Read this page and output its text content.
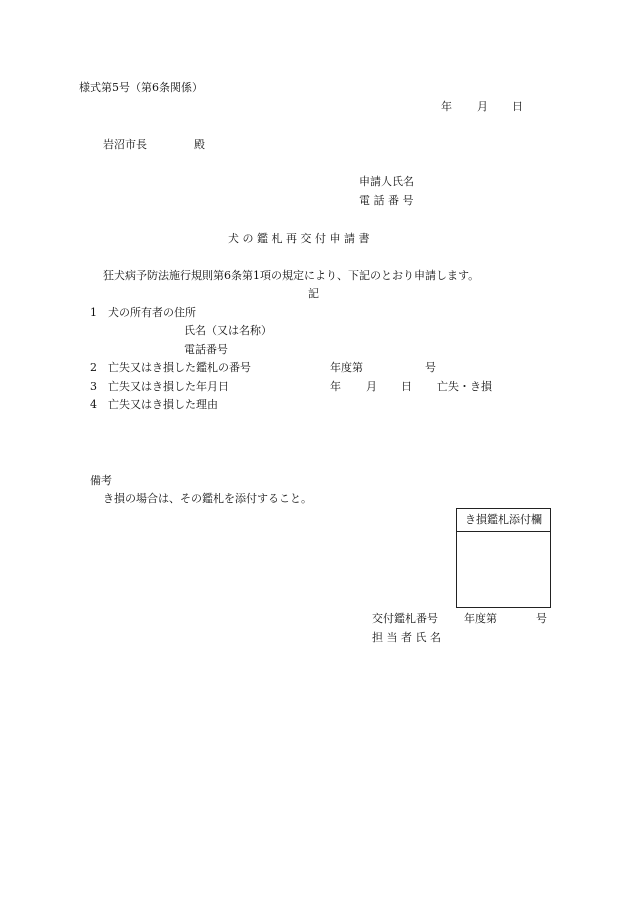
様式第5号（第6条関係）
年 月 日
岩沼市長	殿
申請人氏名
電 話 番 号
犬 の 鑑 札 再 交 付 申 請 書
狂犬病予防法施行規則第6条第1項の規定により、下記のとおり申請します。
記
1 犬の所有者の住所
氏名（又は名称）
電話番号
2 亡失又はき損した鑑札の番号	年度第	号
3 亡失又はき損した年月日	年 月 日 亡失・き損
4 亡失又はき損した理由
備考
き損の場合は、その鑑札を添付すること。
き損鑑札添付欄
交付鑑札番号 年度第	号
担 当 者 氏 名
